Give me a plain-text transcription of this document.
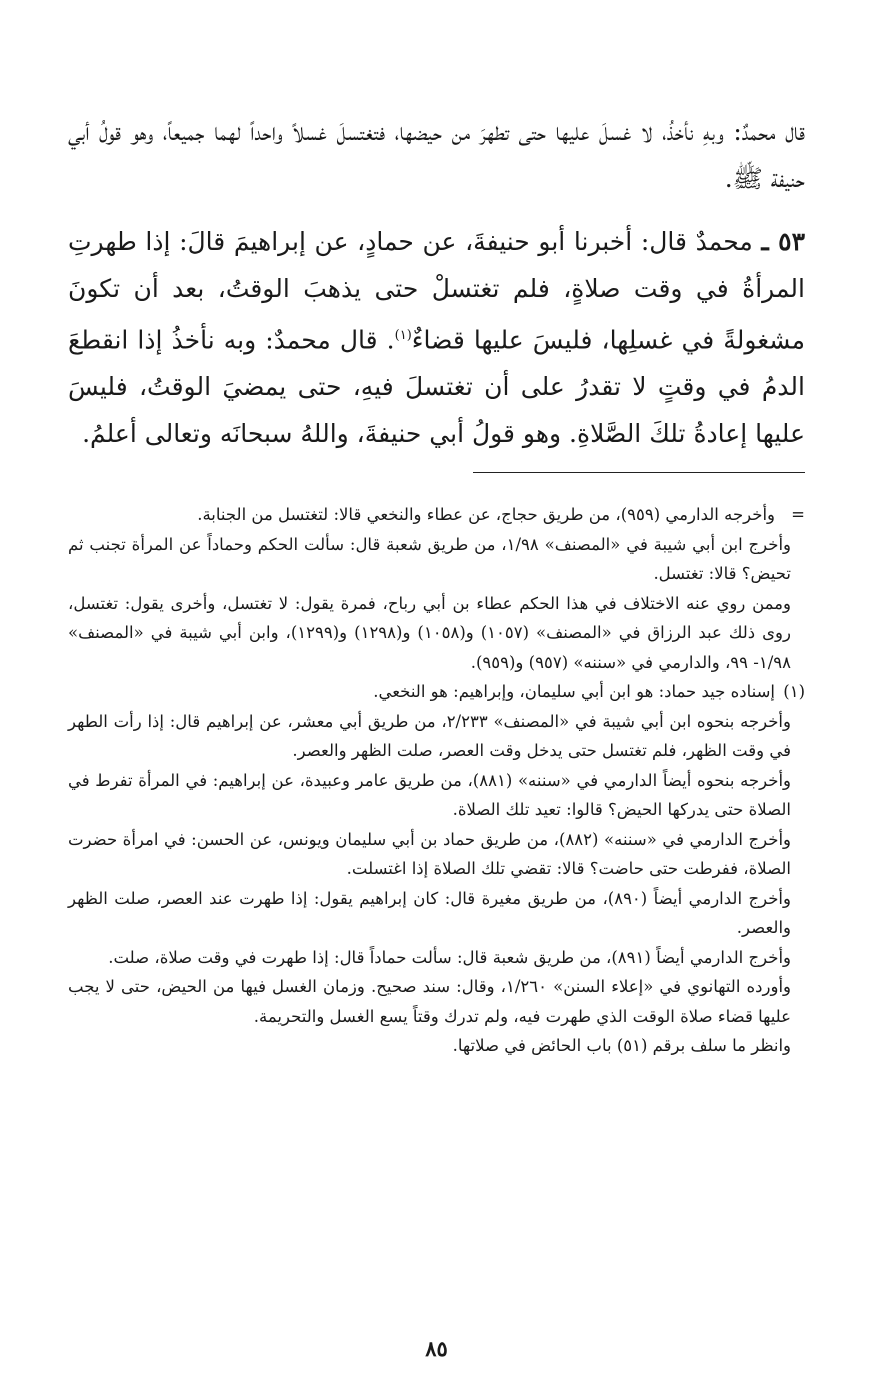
قال محمدٌ: وبهِ نأخذُ، لا غسلَ عليها حتى تطهرَ من حيضها، فتغتسلَ غسلاً واحداً لهما جميعاً، وهو قولُ أبي حنيفة ﷺ.

٥٣ ـ محمدٌ قال: أخبرنا أبو حنيفةَ، عن حمادٍ، عن إبراهيمَ قالَ: إذا طهرتِ المرأةُ في وقت صلاةٍ، فلم تغتسلْ حتى يذهبَ الوقتُ، بعد أن تكونَ مشغولةً في غسلِها، فليسَ عليها قضاءٌ$^{(١)}$. قال محمدٌ: وبه نأخذُ إذا انقطعَ الدمُ في وقتٍ لا تقدرُ على أن تغتسلَ فيهِ، حتى يمضيَ الوقتُ، فليسَ عليها إعادةُ تلكَ الصَّلاةِ. وهو قولُ أبي حنيفةَ، واللهُ سبحانَه وتعالى أعلمُ.

=
وأخرجه الدارمي (٩٥٩)، من طريق حجاج، عن عطاء والنخعي قالا: لتغتسل من الجنابة.

وأخرج ابن أبي شيبة في «المصنف» ١/٩٨، من طريق شعبة قال: سألت الحكم وحماداً عن المرأة تجنب ثم تحيض؟ قالا: تغتسل.

وممن روي عنه الاختلاف في هذا الحكم عطاء بن أبي رباح، فمرة يقول: لا تغتسل، وأخرى يقول: تغتسل، روى ذلك عبد الرزاق في «المصنف» (١٠٥٧) و(١٠٥٨) و(١٢٩٨) و(١٢٩٩)، وابن أبي شيبة في «المصنف» ١/٩٨- ٩٩، والدارمي في «سننه» (٩٥٧) و(٩٥٩).

(١)
إسناده جيد حماد: هو ابن أبي سليمان، وإبراهيم: هو النخعي.

وأخرجه بنحوه ابن أبي شيبة في «المصنف» ٢/٢٣٣، من طريق أبي معشر، عن إبراهيم قال: إذا رأت الطهر في وقت الظهر، فلم تغتسل حتى يدخل وقت العصر، صلت الظهر والعصر.

وأخرجه بنحوه أيضاً الدارمي في «سننه» (٨٨١)، من طريق عامر وعبيدة، عن إبراهيم: في المرأة تفرط في الصلاة حتى يدركها الحيض؟ قالوا: تعيد تلك الصلاة.

وأخرج الدارمي في «سننه» (٨٨٢)، من طريق حماد بن أبي سليمان ويونس، عن الحسن: في امرأة حضرت الصلاة، ففرطت حتى حاضت؟ قالا: تقضي تلك الصلاة إذا اغتسلت.

وأخرج الدارمي أيضاً (٨٩٠)، من طريق مغيرة قال: كان إبراهيم يقول: إذا طهرت عند العصر، صلت الظهر والعصر.

وأخرج الدارمي أيضاً (٨٩١)، من طريق شعبة قال: سألت حماداً قال: إذا طهرت في وقت صلاة، صلت.

وأورده التهانوي في «إعلاء السنن» ١/٢٦٠، وقال: سند صحيح. وزمان الغسل فيها من الحيض، حتى لا يجب عليها قضاء صلاة الوقت الذي طهرت فيه، ولم تدرك وقتاً يسع الغسل والتحريمة.

وانظر ما سلف برقم (٥١) باب الحائض في صلاتها.

٨٥
